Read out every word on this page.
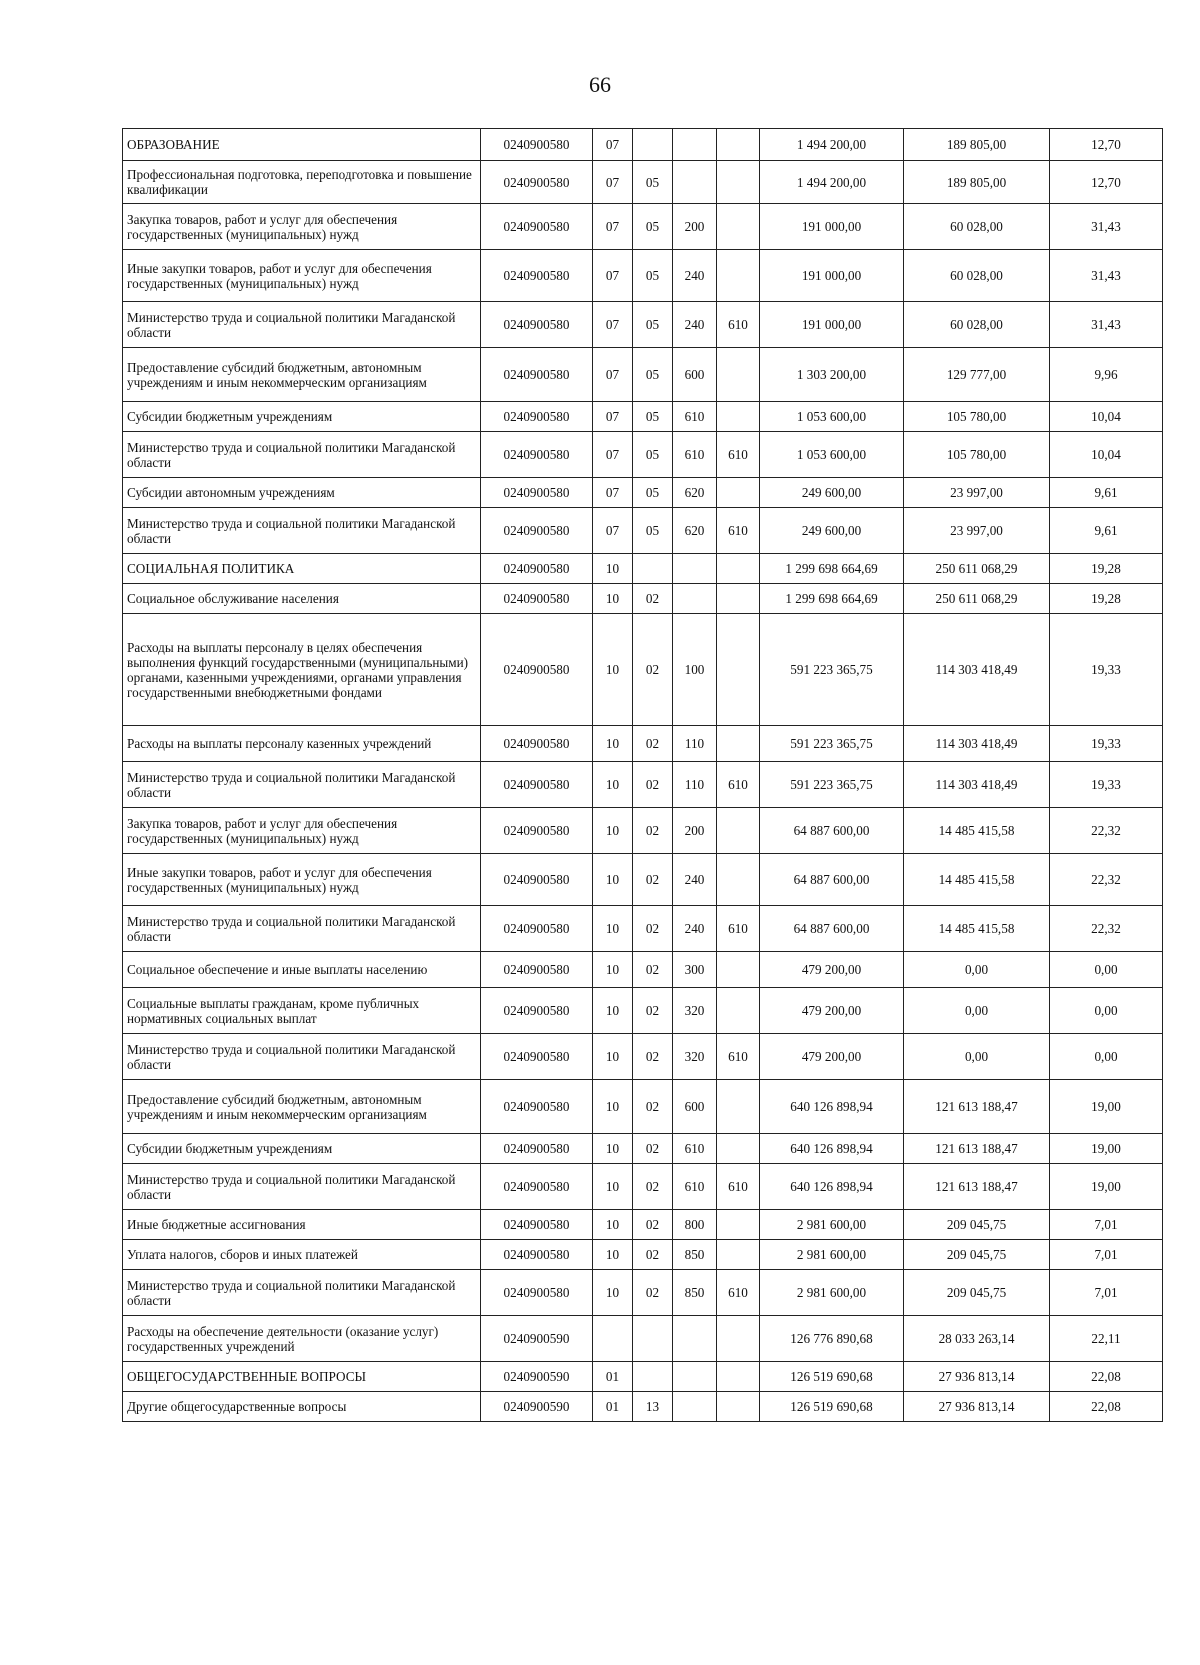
66
ОБРАЗОВАНИЕ	0240900580	07				1 494 200,00	189 805,00	12,70
Профессиональная подготовка, переподготовка и повышение квалификации	0240900580	07	05			1 494 200,00	189 805,00	12,70
Закупка товаров, работ и услуг для обеспечения государственных (муниципальных) нужд	0240900580	07	05	200		191 000,00	60 028,00	31,43
Иные закупки товаров, работ и услуг для обеспечения государственных (муниципальных) нужд	0240900580	07	05	240		191 000,00	60 028,00	31,43
Министерство труда и социальной политики Магаданской области	0240900580	07	05	240	610	191 000,00	60 028,00	31,43
Предоставление субсидий бюджетным, автономным учреждениям и иным некоммерческим организациям	0240900580	07	05	600		1 303 200,00	129 777,00	9,96
Субсидии бюджетным учреждениям	0240900580	07	05	610		1 053 600,00	105 780,00	10,04
Министерство труда и социальной политики Магаданской области	0240900580	07	05	610	610	1 053 600,00	105 780,00	10,04
Субсидии автономным учреждениям	0240900580	07	05	620		249 600,00	23 997,00	9,61
Министерство труда и социальной политики Магаданской области	0240900580	07	05	620	610	249 600,00	23 997,00	9,61
СОЦИАЛЬНАЯ ПОЛИТИКА	0240900580	10				1 299 698 664,69	250 611 068,29	19,28
Социальное обслуживание населения	0240900580	10	02			1 299 698 664,69	250 611 068,29	19,28
Расходы на выплаты персоналу в целях обеспечения выполнения функций государственными (муниципальными) органами, казенными учреждениями, органами управления государственными внебюджетными фондами	0240900580	10	02	100		591 223 365,75	114 303 418,49	19,33
Расходы на выплаты персоналу казенных учреждений	0240900580	10	02	110		591 223 365,75	114 303 418,49	19,33
Министерство труда и социальной политики Магаданской области	0240900580	10	02	110	610	591 223 365,75	114 303 418,49	19,33
Закупка товаров, работ и услуг для обеспечения государственных (муниципальных) нужд	0240900580	10	02	200		64 887 600,00	14 485 415,58	22,32
Иные закупки товаров, работ и услуг для обеспечения государственных (муниципальных) нужд	0240900580	10	02	240		64 887 600,00	14 485 415,58	22,32
Министерство труда и социальной политики Магаданской области	0240900580	10	02	240	610	64 887 600,00	14 485 415,58	22,32
Социальное обеспечение и иные выплаты населению	0240900580	10	02	300		479 200,00	0,00	0,00
Социальные выплаты гражданам, кроме публичных нормативных социальных выплат	0240900580	10	02	320		479 200,00	0,00	0,00
Министерство труда и социальной политики Магаданской области	0240900580	10	02	320	610	479 200,00	0,00	0,00
Предоставление субсидий бюджетным, автономным учреждениям и иным некоммерческим организациям	0240900580	10	02	600		640 126 898,94	121 613 188,47	19,00
Субсидии бюджетным учреждениям	0240900580	10	02	610		640 126 898,94	121 613 188,47	19,00
Министерство труда и социальной политики Магаданской области	0240900580	10	02	610	610	640 126 898,94	121 613 188,47	19,00
Иные бюджетные ассигнования	0240900580	10	02	800		2 981 600,00	209 045,75	7,01
Уплата налогов, сборов и иных платежей	0240900580	10	02	850		2 981 600,00	209 045,75	7,01
Министерство труда и социальной политики Магаданской области	0240900580	10	02	850	610	2 981 600,00	209 045,75	7,01
Расходы на обеспечение деятельности (оказание услуг) государственных учреждений	0240900590					126 776 890,68	28 033 263,14	22,11
ОБЩЕГОСУДАРСТВЕННЫЕ ВОПРОСЫ	0240900590	01				126 519 690,68	27 936 813,14	22,08
Другие общегосударственные вопросы	0240900590	01	13			126 519 690,68	27 936 813,14	22,08
